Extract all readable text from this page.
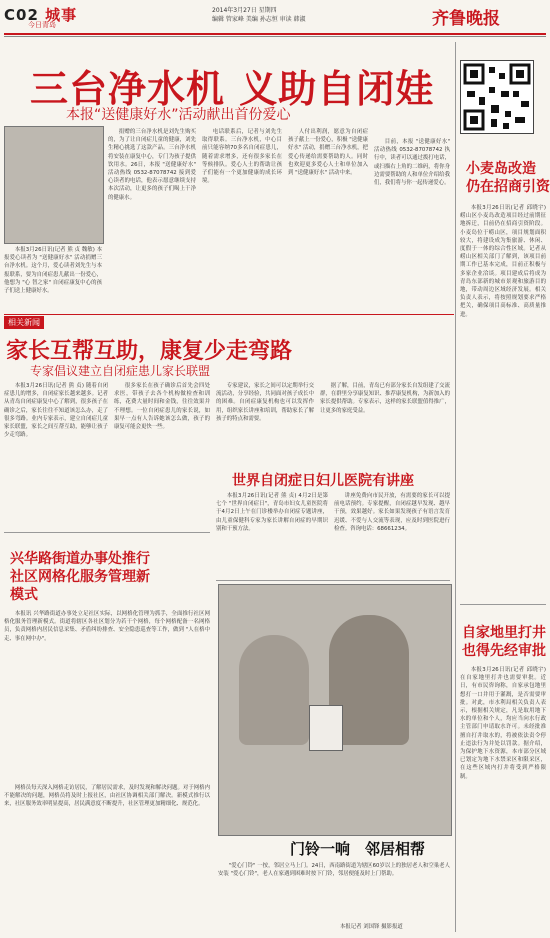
C02 城事
今日青岛
2014年3月27日 星期四
编辑 管家峰 美编 孙志恒 审读 韩淑	齐鲁晚报
三台净水机 义助自闭娃
本报“送健康好水”活动献出首份爱心

本报3月26日讯(记者 熊 贞 魏敏) 本报爱心读者为 "送健康好水" 活动捐赠三台净水机。这个月，爱心读者刘先生与本报联系，要为自闭症患儿献出一份爱心，他想为 "心 智之家" 自闭症康复中心的孩子们送上健康好水。

捐赠的三台净水机是刘先生购买的，为了让自闭症儿童的健康，刘先生精心挑选了这款产品。三台净水机将安装在康复中心，专门为孩子提供饮用水。26日，本报 "送健康好水" 活动热线 0532-87078742 接到爱心读者的电话，他表示愿意继续支持本次活动，让更多的孩子们喝上干净的健康水。

电话联系后，记者与刘先生取得联系。三台净水机，中心目前只能容纳70多名自闭症患儿，随着需求增多，还有很多家长在等候排队。爱心人士的帮助让孩子们能有一个更加健康的成长环境。

人付出利润，愿意为自闭症孩子献上一份爱心，积极 "送健康好水" 活动，捐赠三台净水机，把爱心传递给需要帮助的人。同时也欢迎更多爱心人士和单位加入到 "送健康好水" 活动中来。

目前，本报 "送健康好水" 活动热线 0532-87078742 执行中，读者可以通过拨打电话，或扫描右上角的二维码，将你身边需要帮助的人和单位介绍给我们，我们将与你一起传递爱心。

相关新闻
家长互帮互助，康复少走弯路
专家倡议建立自闭症患儿家长联盟

本报3月26日讯(记者 熊 贞) 随着自闭症患儿的增多，自闭症家长越来越多。记者从青岛自闭症康复中心了解到，很多孩子在确诊之后，家长往往不知道该怎么办，走了很多弯路。业内专家表示，建立自闭症儿童家长联盟，家长之间互帮互助，能够让孩子少走弯路。

很多家长在孩子确诊后首先会四处求医，带孩子去各个机构做检查和训练，花费大量时间和金钱，往往效果并不理想。一位自闭症患儿的家长说，如果早一点有人告诉她该怎么做，孩子的康复可能会更快一些。

专家建议，家长之间可以定期举行交流活动，分享经验，共同面对孩子成长中的困难。自闭症康复机构也可以发挥作用，组织家长讲座和培训，帮助家长了解孩子的特点和需要。

据了解，目前，青岛已有部分家长自发组建了交流群，在群里分享康复知识、推荐康复机构，为新加入的家长提供帮助。专家表示，这样的家长联盟值得推广，让更多的家庭受益。

世界自闭症日妇儿医院有讲座

本报3月26日讯(记者 熊 贞) 4月2日是第七个 "世界自闭症日"，青岛市妇女儿童医院将于4月2日上午在门诊楼举办自闭症专题讲座，由儿童保健科专家为家长讲解自闭症的早期识别和干预方法。

讲座免费向市民开放，有需要的家长可以提前电话预约。专家提醒，自闭症越早发现、越早干预，效果越好。家长如果发现孩子有语言发育迟缓、不爱与人交流等表现，应及时到医院进行检查。咨询电话：68661234。

兴华路街道办事处推行社区网格化服务管理新模式

本报讯 兴华路街道办事处立足社区实际，以网格化管理为抓手，全面推行社区网格化服务管理新模式。街道将辖区各社区划分为若干个网格，每个网格配备一名网格员，负责网格内居民信息采集、矛盾纠纷排查、安全隐患巡查等工作，做到 "人在格中走、事在网中办"。

网格员每天深入网格走访居民，了解居民需求，及时发现和解决问题。对于网格内不能解决的问题，网格员将及时上报社区，由社区协调相关部门解决。新模式推行以来，社区服务效率明显提高，居民满意度不断提升，社区管理更加精细化、规范化。

门铃一响　邻居相帮

"爱心门铃" 一按，邻居立马上门。24日，西南路街道为辖区60岁以上的独居老人和空巢老人安装 "爱心门铃"，老人在家遇到困难时按下门铃，邻居便能及时上门帮助。

本报记者 刘国锋 摄影报道
小麦岛改造
仍在招商引资

本报3月26日讯(记者 邱晓宇) 崂山区小麦岛改造项目经过前期征地拆迁，目前仍在招商引资阶段。小麦岛位于崂山区，项目规划面积较大，将建设成为集旅游、休闲、度假于一体的综合性区域。记者从崂山区相关部门了解到，该项目前期工作已基本完成，目前正积极与多家企业洽谈。项目建成后将成为青岛东部新的城市景观和旅游目的地，带动周边区域经济发展。相关负责人表示，将按照规划要求严格把关，确保项目高标准、高质量推进。

自家地里打井
也得先经审批

本报3月26日讯(记者 邱晓宇) 在自家地里打井也需要审批。近日，有市民咨询称，自家承包地里想打一口井用于灌溉，是否需要审批。对此，市水利局相关负责人表示，根据相关规定，凡是取用地下水的单位和个人，均应当向水行政主管部门申请取水许可。未经批准擅自打井取水的，将被依法责令停止违法行为并处以罚款。据介绍，为保护地下水资源，本市部分区域已划定为地下水禁采区和限采区，在这些区域内打井将受到严格限制。
